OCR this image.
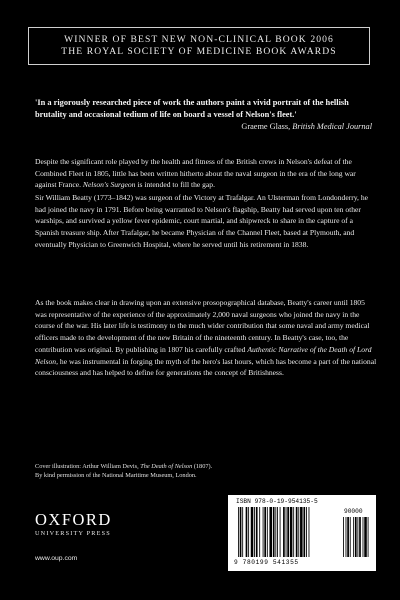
WINNER OF BEST NEW NON-CLINICAL BOOK 2006
THE ROYAL SOCIETY OF MEDICINE BOOK AWARDS
'In a rigorously researched piece of work the authors paint a vivid portrait of the hellish brutality and occasional tedium of life on board a vessel of Nelson's fleet.'
Graeme Glass, British Medical Journal

Despite the significant role played by the health and fitness of the British crews in Nelson's defeat of the Combined Fleet in 1805, little has been written hitherto about the naval surgeon in the era of the long war against France. Nelson's Surgeon is intended to fill the gap.

Sir William Beatty (1773–1842) was surgeon of the Victory at Trafalgar. An Ulsterman from Londonderry, he had joined the navy in 1791. Before being warranted to Nelson's flagship, Beatty had served upon ten other warships, and survived a yellow fever epidemic, court martial, and shipwreck to share in the capture of a Spanish treasure ship. After Trafalgar, he became Physician of the Channel Fleet, based at Plymouth, and eventually Physician to Greenwich Hospital, where he served until his retirement in 1838.

As the book makes clear in drawing upon an extensive prosopographical database, Beatty's career until 1805 was representative of the experience of the approximately 2,000 naval surgeons who joined the navy in the course of the war. His later life is testimony to the much wider contribution that some naval and army medical officers made to the development of the new Britain of the nineteenth century. In Beatty's case, too, the contribution was original. By publishing in 1807 his carefully crafted Authentic Narrative of the Death of Lord Nelson, he was instrumental in forging the myth of the hero's last hours, which has become a part of the national consciousness and has helped to define for generations the concept of Britishness.

Cover illustration: Arthur William Devis, The Death of Nelson (1807).
By kind permission of the National Maritime Museum, London.
OXFORD
UNIVERSITY PRESS
www.oup.com
ISBN 978-0-19-954135-5
90000
9 780199 541355
